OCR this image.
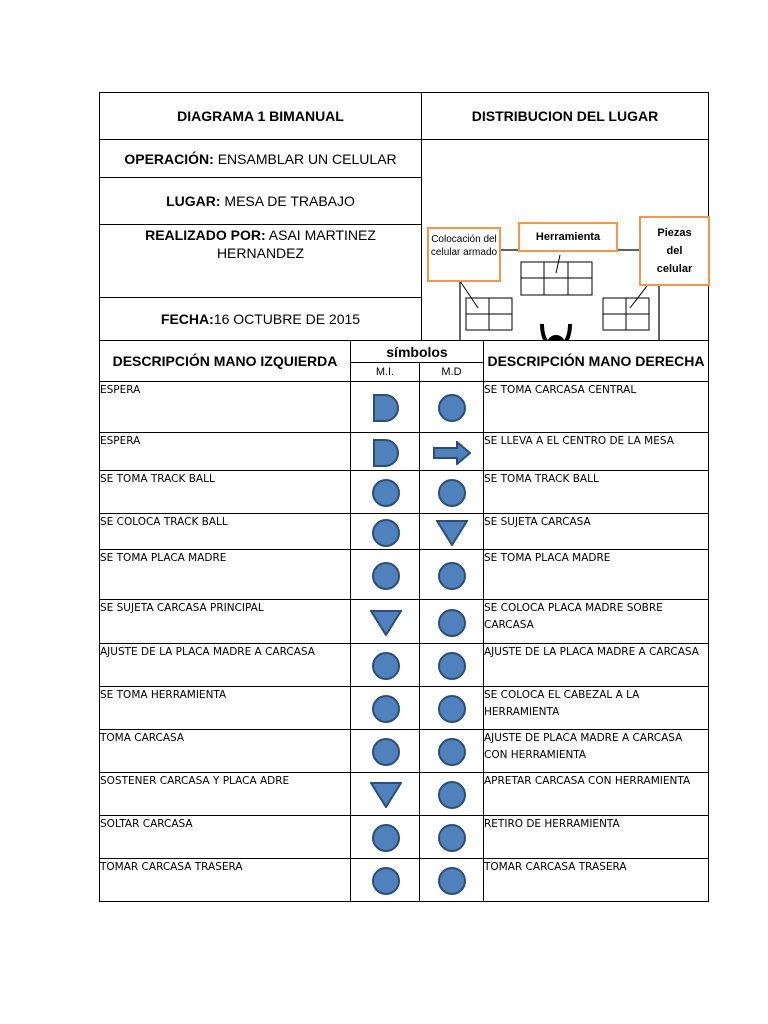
DIAGRAMA 1 BIMANUAL	DISTRIBUCION DEL LUGAR
OPERACIÓN: ENSAMBLAR UN CELULAR	Colocación del celular armado
Herramienta Piezas del celular

LUGAR: MESA DE TRABAJO	
REALIZADO POR: ASAI MARTINEZ HERNANDEZ	
FECHA:16 OCTUBRE DE 2015	
DESCRIPCIÓN MANO IZQUIERDA	símbolos		DESCRIPCIÓN MANO DERECHA
	M.I.	M.D	
ESPERA			SE TOMA CARCASA CENTRAL
ESPERA			SE LLEVA A EL CENTRO DE LA MESA
SE TOMA TRACK BALL			SE TOMA TRACK BALL
SE COLOCA TRACK BALL			SE SUJETA CARCASA
SE TOMA PLACA MADRE			SE TOMA PLACA MADRE
SE SUJETA CARCASA PRINCIPAL			SE COLOCA PLACA MADRE SOBRE CARCASA
AJUSTE DE LA PLACA MADRE A CARCASA			AJUSTE DE LA PLACA MADRE A CARCASA
SE TOMA HERRAMIENTA			SE COLOCA EL CABEZAL A LA HERRAMIENTA
TOMA CARCASA			AJUSTE DE PLACA MADRE A CARCASA CON HERRAMIENTA
SOSTENER CARCASA Y PLACA ADRE			APRETAR CARCASA CON HERRAMIENTA
SOLTAR CARCASA			RETIRO DE HERRAMIENTA
TOMAR CARCASA TRASERA			TOMAR CARCASA TRASERA
